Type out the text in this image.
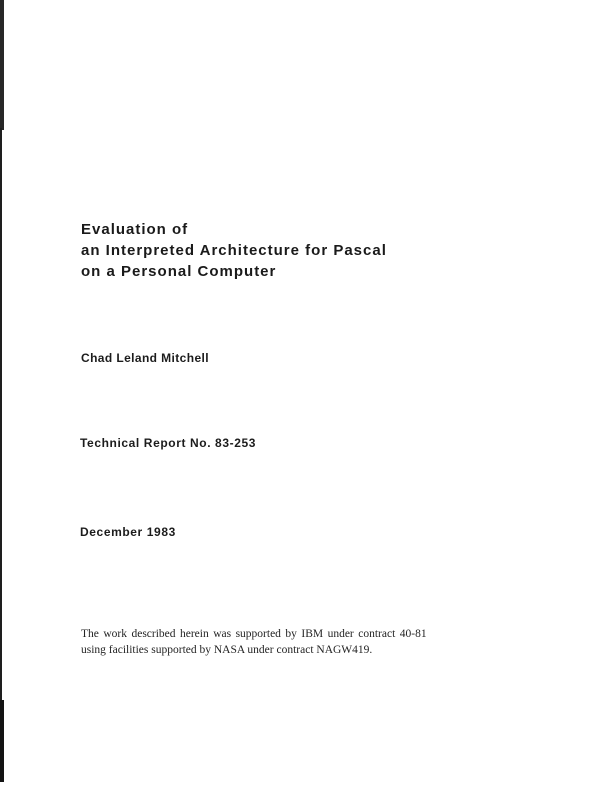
Evaluation of
an Interpreted Architecture for Pascal
on a Personal Computer
Chad Leland Mitchell
Technical Report No. 83-253
December 1983
The work described herein was supported by IBM under contract 40-81
using facilities supported by NASA under contract NAGW419.
